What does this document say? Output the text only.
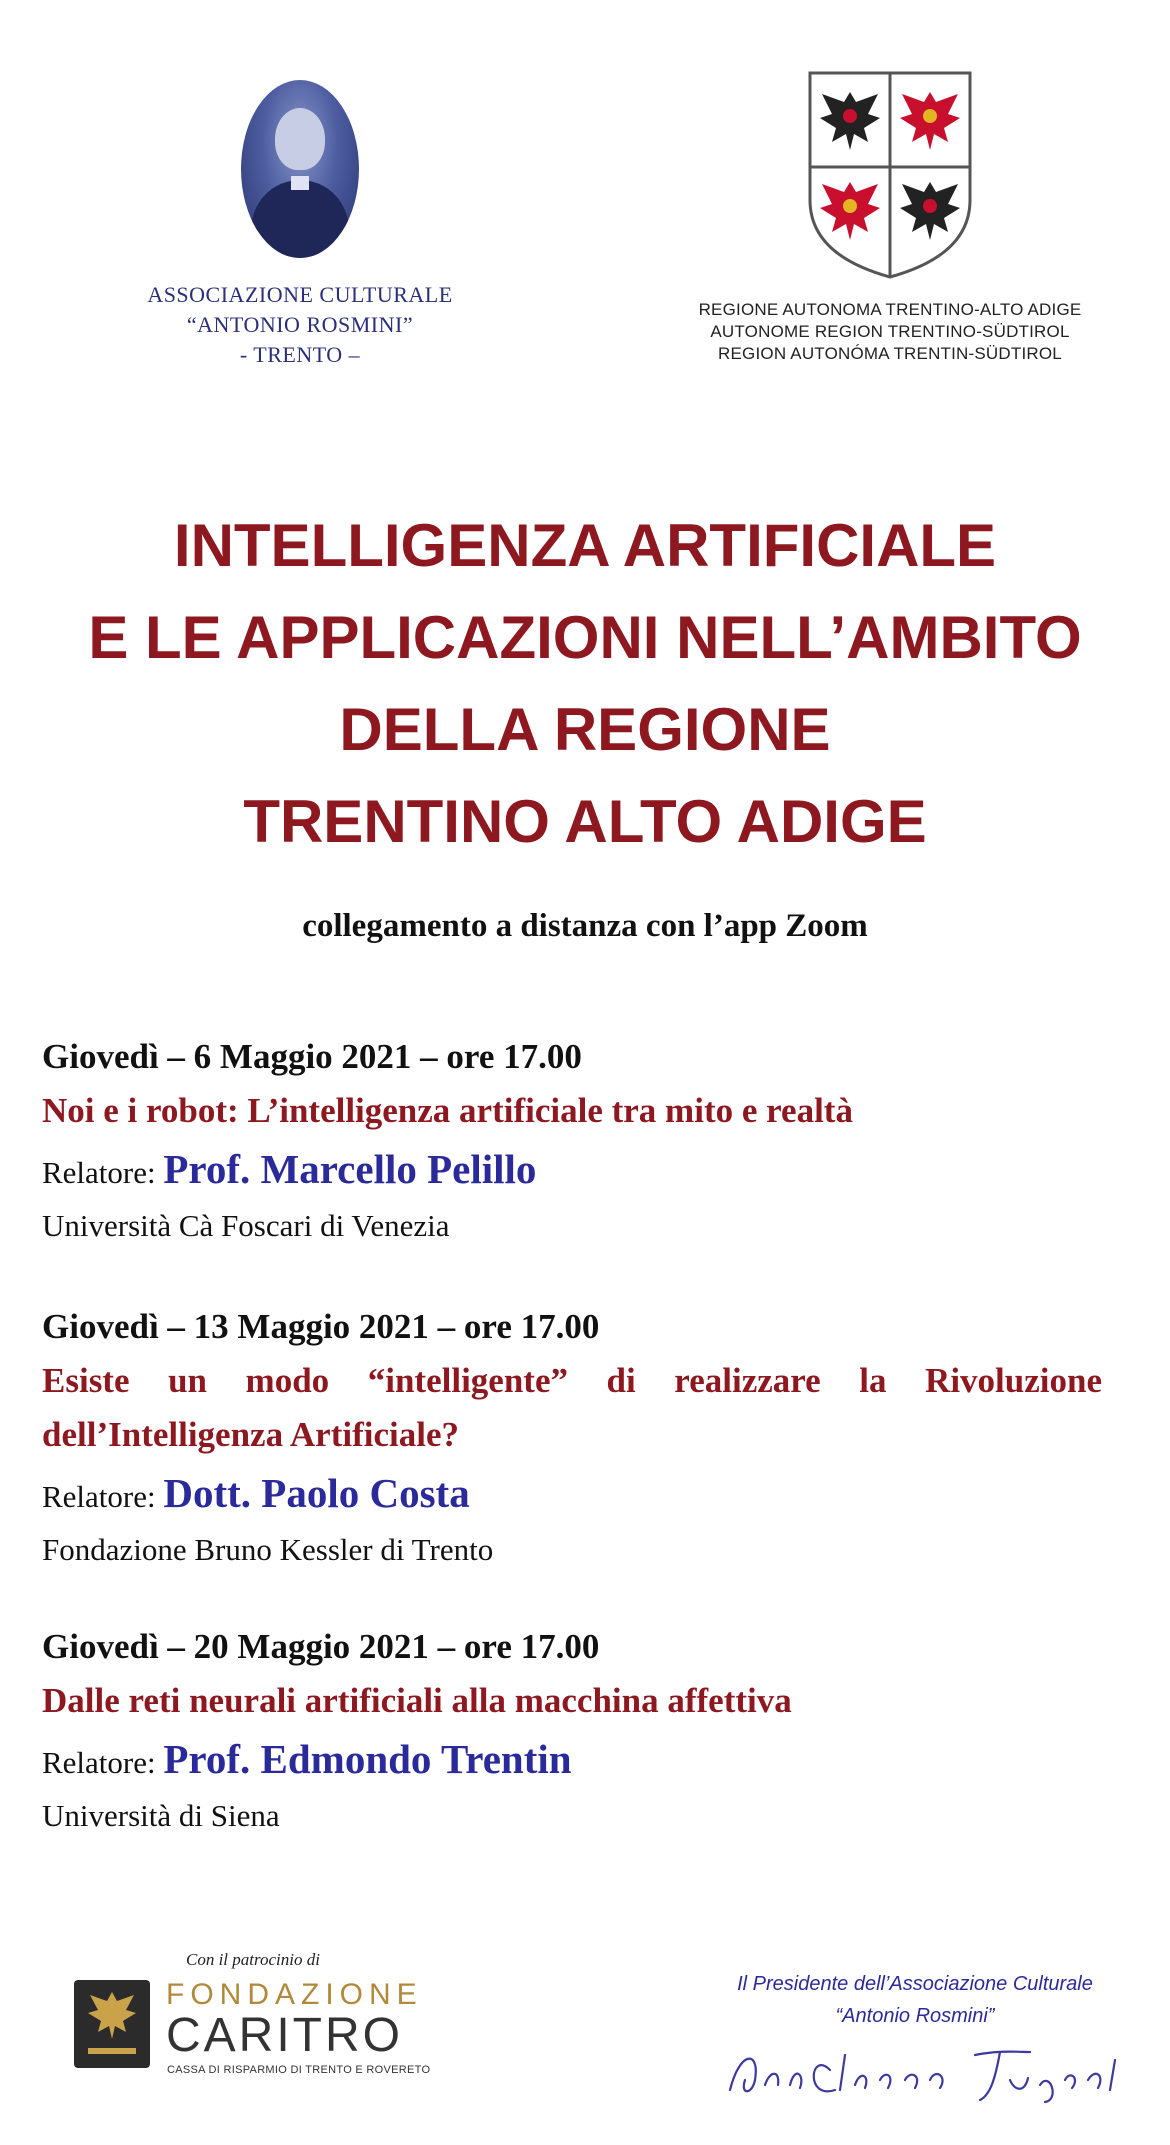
ASSOCIAZIONE CULTURALE
“ANTONIO ROSMINI”
- TRENTO –
REGIONE AUTONOMA TRENTINO-ALTO ADIGE
AUTONOME REGION TRENTINO-SÜDTIROL
REGION AUTONÓMA TRENTIN-SÜDTIROL
INTELLIGENZA ARTIFICIALE
E LE APPLICAZIONI NELL’AMBITO
DELLA REGIONE
TRENTINO ALTO ADIGE
collegamento a distanza con l’app Zoom
Giovedì – 6 Maggio 2021 – ore 17.00
Noi e i robot: L’intelligenza artificiale tra mito e realtà
Relatore: Prof. Marcello Pelillo
Università Cà Foscari di Venezia
Giovedì – 13 Maggio 2021 – ore 17.00
Esiste un modo “intelligente” di realizzare la Rivoluzione dell’Intelligenza Artificiale?
Relatore: Dott. Paolo Costa
Fondazione Bruno Kessler di Trento
Giovedì – 20 Maggio 2021 – ore 17.00
Dalle reti neurali artificiali alla macchina affettiva
Relatore: Prof. Edmondo Trentin
Università di Siena
Con il patrocinio di
FONDAZIONE
CARITRO
CASSA DI RISPARMIO DI TRENTO E ROVERETO
Il Presidente dell’Associazione Culturale
“Antonio Rosmini”
